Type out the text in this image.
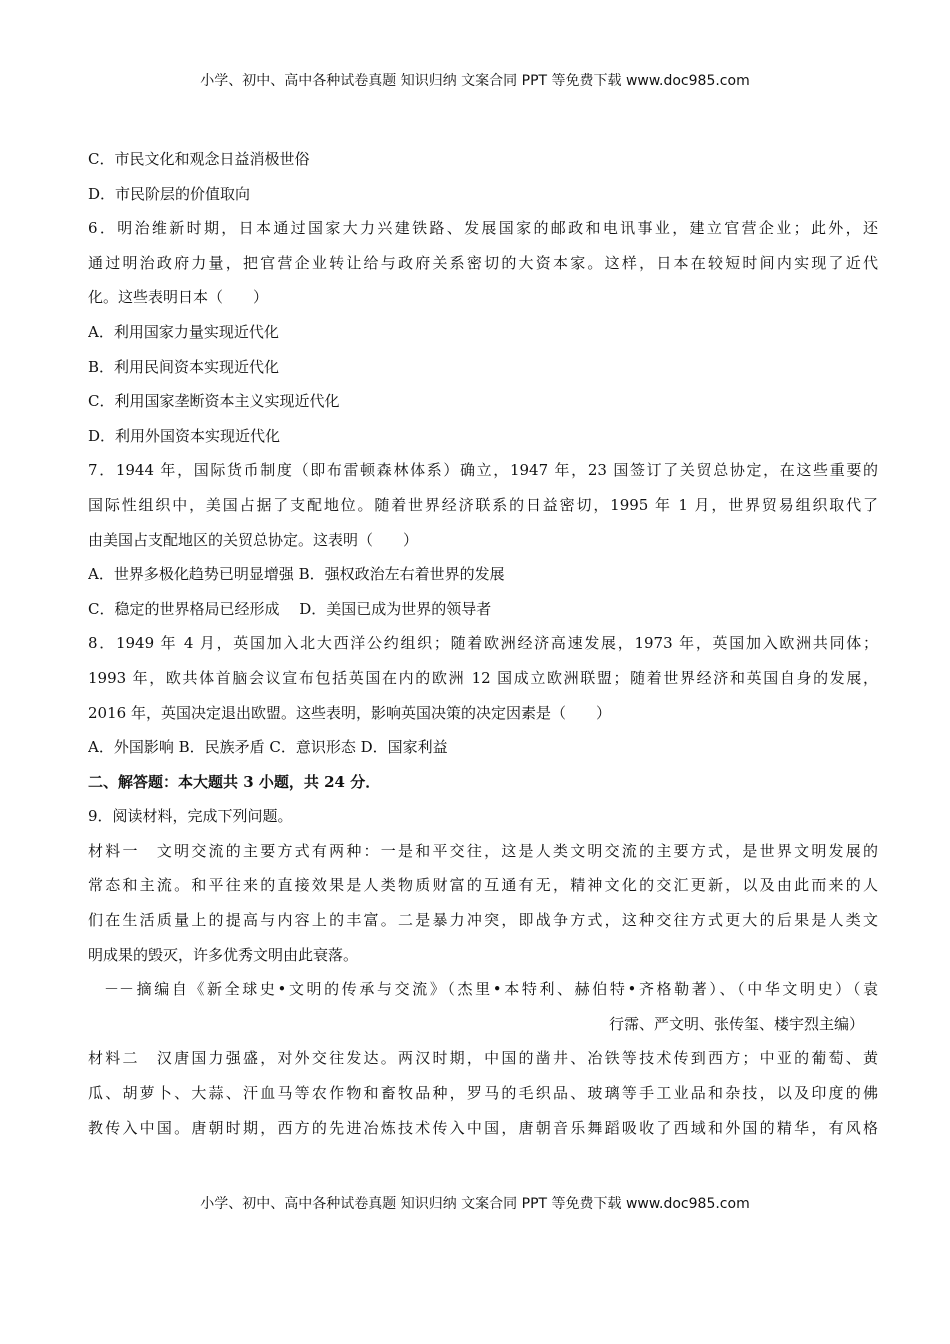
小学、初中、高中各种试卷真题 知识归纳 文案合同 PPT 等免费下载 www.doc985.com
C．市民文化和观念日益消极世俗
D．市民阶层的价值取向
6．明治维新时期，日本通过国家大力兴建铁路、发展国家的邮政和电讯事业，建立官营企业；此外，还
通过明治政府力量，把官营企业转让给与政府关系密切的大资本家。这样，日本在较短时间内实现了近代
化。这些表明日本（　　）
A．利用国家力量实现近代化
B．利用民间资本实现近代化
C．利用国家垄断资本主义实现近代化
D．利用外国资本实现近代化
7．1944 年，国际货币制度（即布雷顿森林体系）确立，1947 年，23 国签订了关贸总协定，在这些重要的
国际性组织中，美国占据了支配地位。随着世界经济联系的日益密切，1995 年 1 月，世界贸易组织取代了
由美国占支配地区的关贸总协定。这表明（　　）
A．世界多极化趋势已明显增强 B．强权政治左右着世界的发展
C．稳定的世界格局已经形成　 D．美国已成为世界的领导者
8．1949 年 4 月，英国加入北大西洋公约组织；随着欧洲经济高速发展，1973 年，英国加入欧洲共同体；
1993 年，欧共体首脑会议宣布包括英国在内的欧洲 12 国成立欧洲联盟；随着世界经济和英国自身的发展，
2016 年，英国决定退出欧盟。这些表明，影响英国决策的决定因素是（　　）
A．外国影响 B．民族矛盾 C．意识形态 D．国家利益
二、解答题：本大题共 3 小题，共 24 分．
9．阅读材料，完成下列问题。
材料一　文明交流的主要方式有两种：一是和平交往，这是人类文明交流的主要方式，是世界文明发展的
常态和主流。和平往来的直接效果是人类物质财富的互通有无，精神文化的交汇更新，以及由此而来的人
们在生活质量上的提高与内容上的丰富。二是暴力冲突，即战争方式，这种交往方式更大的后果是人类文
明成果的毁灭，许多优秀文明由此衰落。
－－摘编自《新全球史•文明的传承与交流》（杰里•本特利、赫伯特•齐格勒著）、（中华文明史）（袁
行霈、严文明、张传玺、楼宇烈主编）
材料二　汉唐国力强盛，对外交往发达。两汉时期，中国的凿井、冶铁等技术传到西方；中亚的葡萄、黄
瓜、胡萝卜、大蒜、汗血马等农作物和畜牧品种，罗马的毛织品、玻璃等手工业品和杂技，以及印度的佛
教传入中国。唐朝时期，西方的先进冶炼技术传入中国，唐朝音乐舞蹈吸收了西域和外国的精华，有风格
小学、初中、高中各种试卷真题 知识归纳 文案合同 PPT 等免费下载 www.doc985.com
